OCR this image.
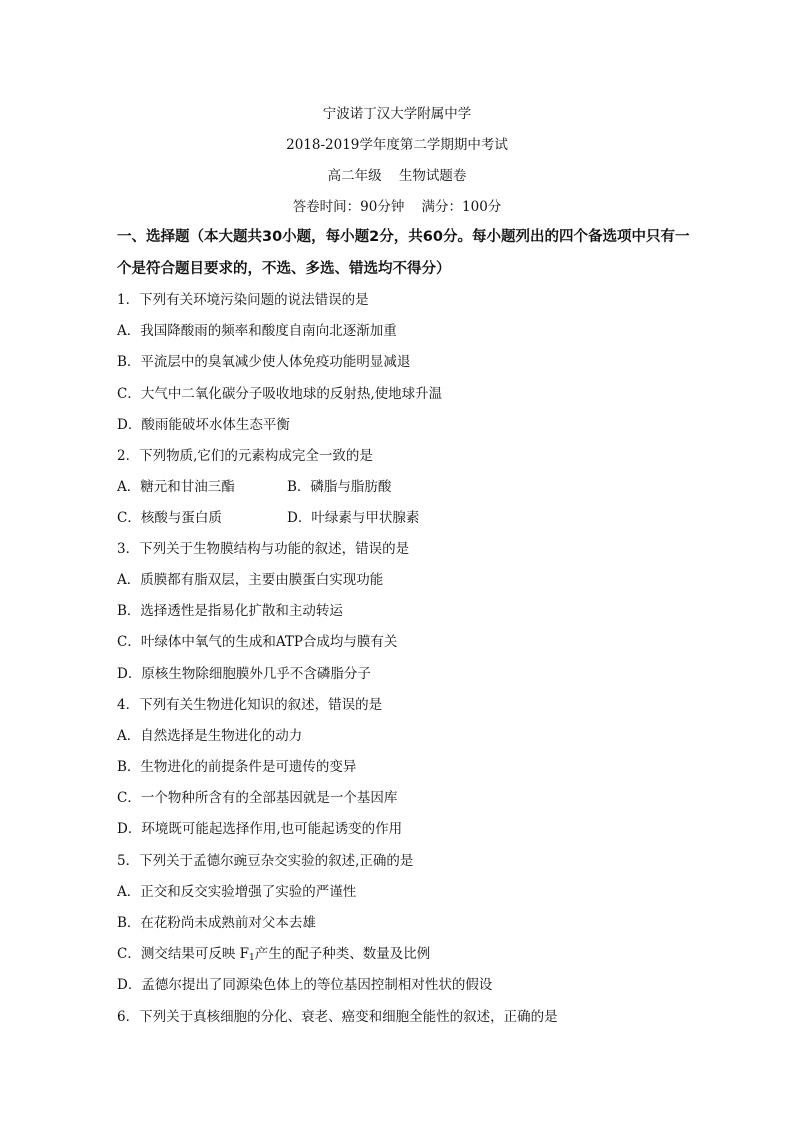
宁波诺丁汉大学附属中学
2018-2019学年度第二学期期中考试
高二年级    生物试题卷
答卷时间：90分钟    满分：100分
一、选择题（本大题共30小题，每小题2分，共60分。每小题列出的四个备选项中只有一
个是符合题目要求的，不选、多选、错选均不得分）
1．下列有关环境污染问题的说法错误的是
A．我国降酸雨的频率和酸度自南向北逐渐加重
B．平流层中的臭氧减少使人体免疫功能明显减退
C．大气中二氧化碳分子吸收地球的反射热,使地球升温
D．酸雨能破坏水体生态平衡
2．下列物质,它们的元素构成完全一致的是
A．糖元和甘油三酯	B．磷脂与脂肪酸
C．核酸与蛋白质	D．叶绿素与甲状腺素
3．下列关于生物膜结构与功能的叙述，错误的是
A．质膜都有脂双层，主要由膜蛋白实现功能
B．选择透性是指易化扩散和主动转运
C．叶绿体中氧气的生成和ATP合成均与膜有关
D．原核生物除细胞膜外几乎不含磷脂分子
4．下列有关生物进化知识的叙述，错误的是
A．自然选择是生物进化的动力
B．生物进化的前提条件是可遗传的变异
C．一个物种所含有的全部基因就是一个基因库
D．环境既可能起选择作用,也可能起诱变的作用
5．下列关于孟德尔豌豆杂交实验的叙述,正确的是
A．正交和反交实验增强了实验的严谨性
B．在花粉尚未成熟前对父本去雄
C．测交结果可反映 $F_1$产生的配子种类、数量及比例
D．孟德尔提出了同源染色体上的等位基因控制相对性状的假设
6．下列关于真核细胞的分化、衰老、癌变和细胞全能性的叙述，正确的是
